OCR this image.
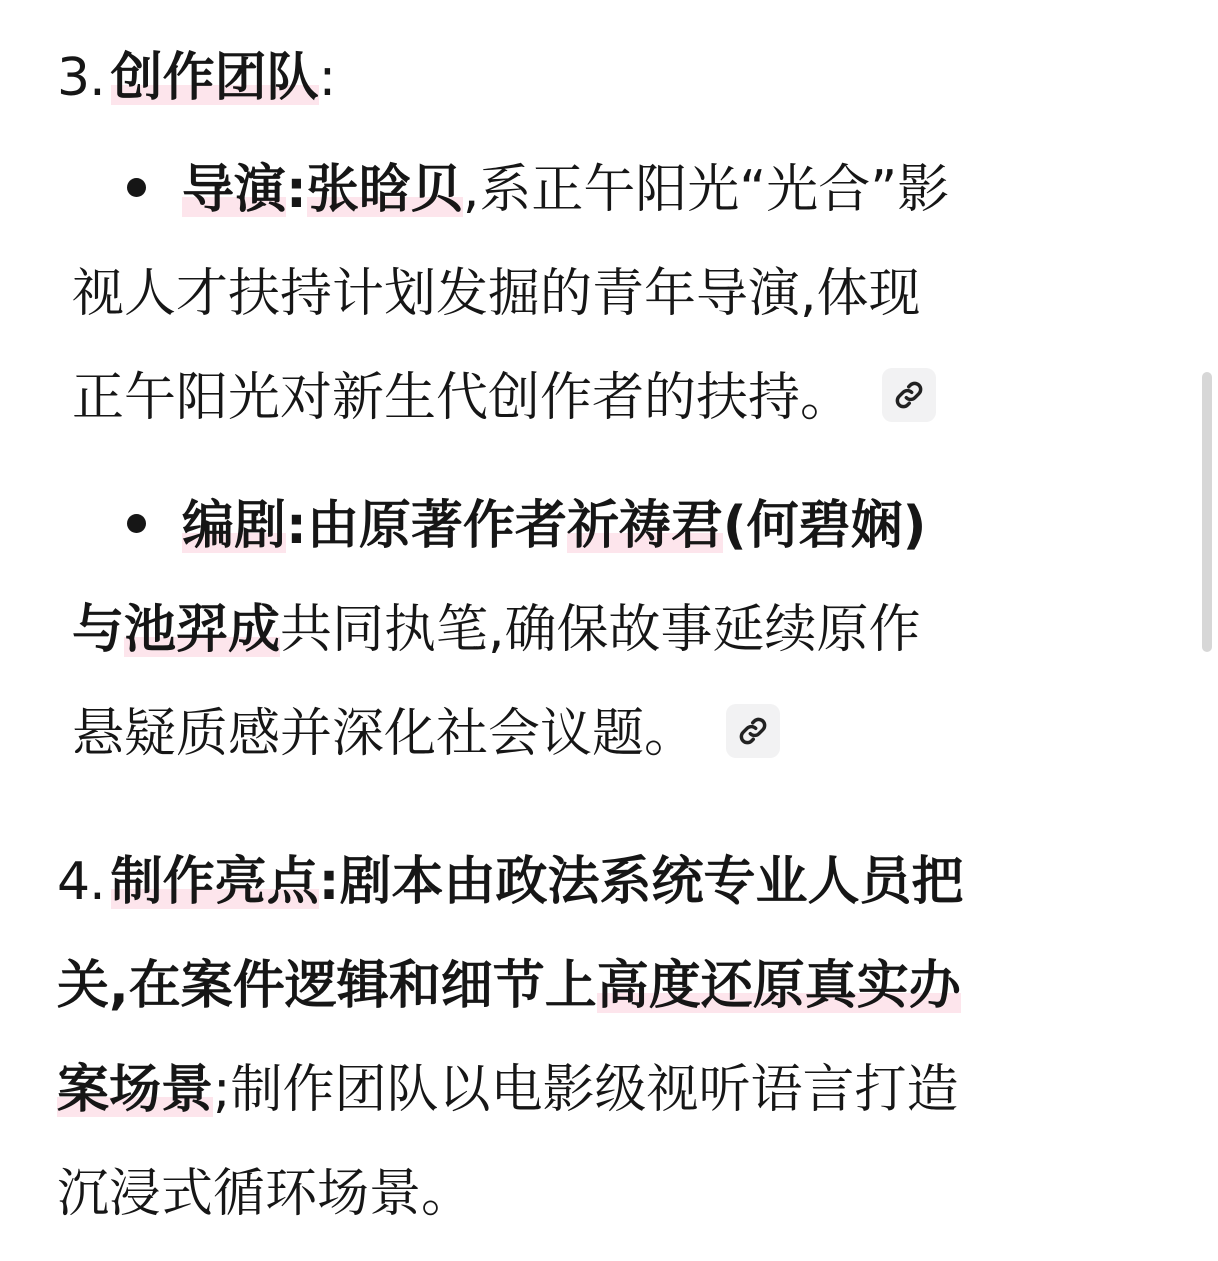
3. 创作团队:

导演:张晗贝,系正午阳光“光合”影
视人才扶持计划发掘的青年导演,体现
正午阳光对新生代创作者的扶持。
编剧:由原著作者祈祷君(何碧娴)
与池羿成共同执笔,确保故事延续原作
悬疑质感并深化社会议题。

4. 制作亮点:剧本由政法系统专业人员把
关,在案件逻辑和细节上高度还原真实办
案场景;制作团队以电影级视听语言打造
沉浸式循环场景。
